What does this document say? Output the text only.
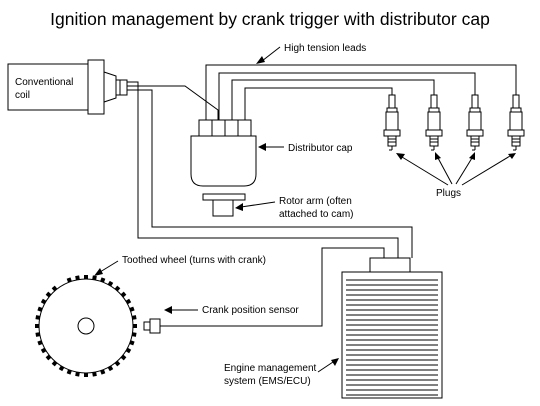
Ignition management by crank trigger with distributor cap
Conventional
coil
High tension leads
Distributor cap
Rotor arm (often
attached to cam)
Plugs
Toothed wheel (turns with crank)
Crank position sensor
Engine management
system (EMS/ECU)
